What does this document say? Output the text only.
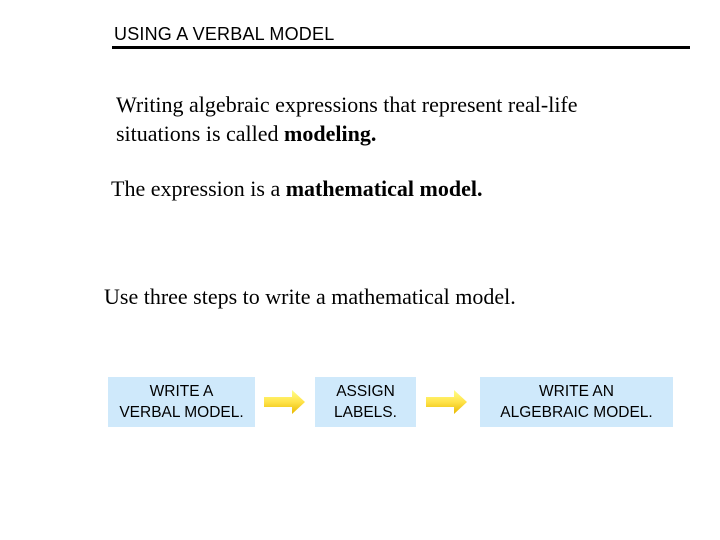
USING A VERBAL MODEL
Writing algebraic expressions that represent real-life
situations is called modeling.
The expression is a mathematical model.
Use three steps to write a mathematical model.
WRITE A
VERBAL MODEL.
ASSIGN
LABELS.
WRITE AN
ALGEBRAIC MODEL.
